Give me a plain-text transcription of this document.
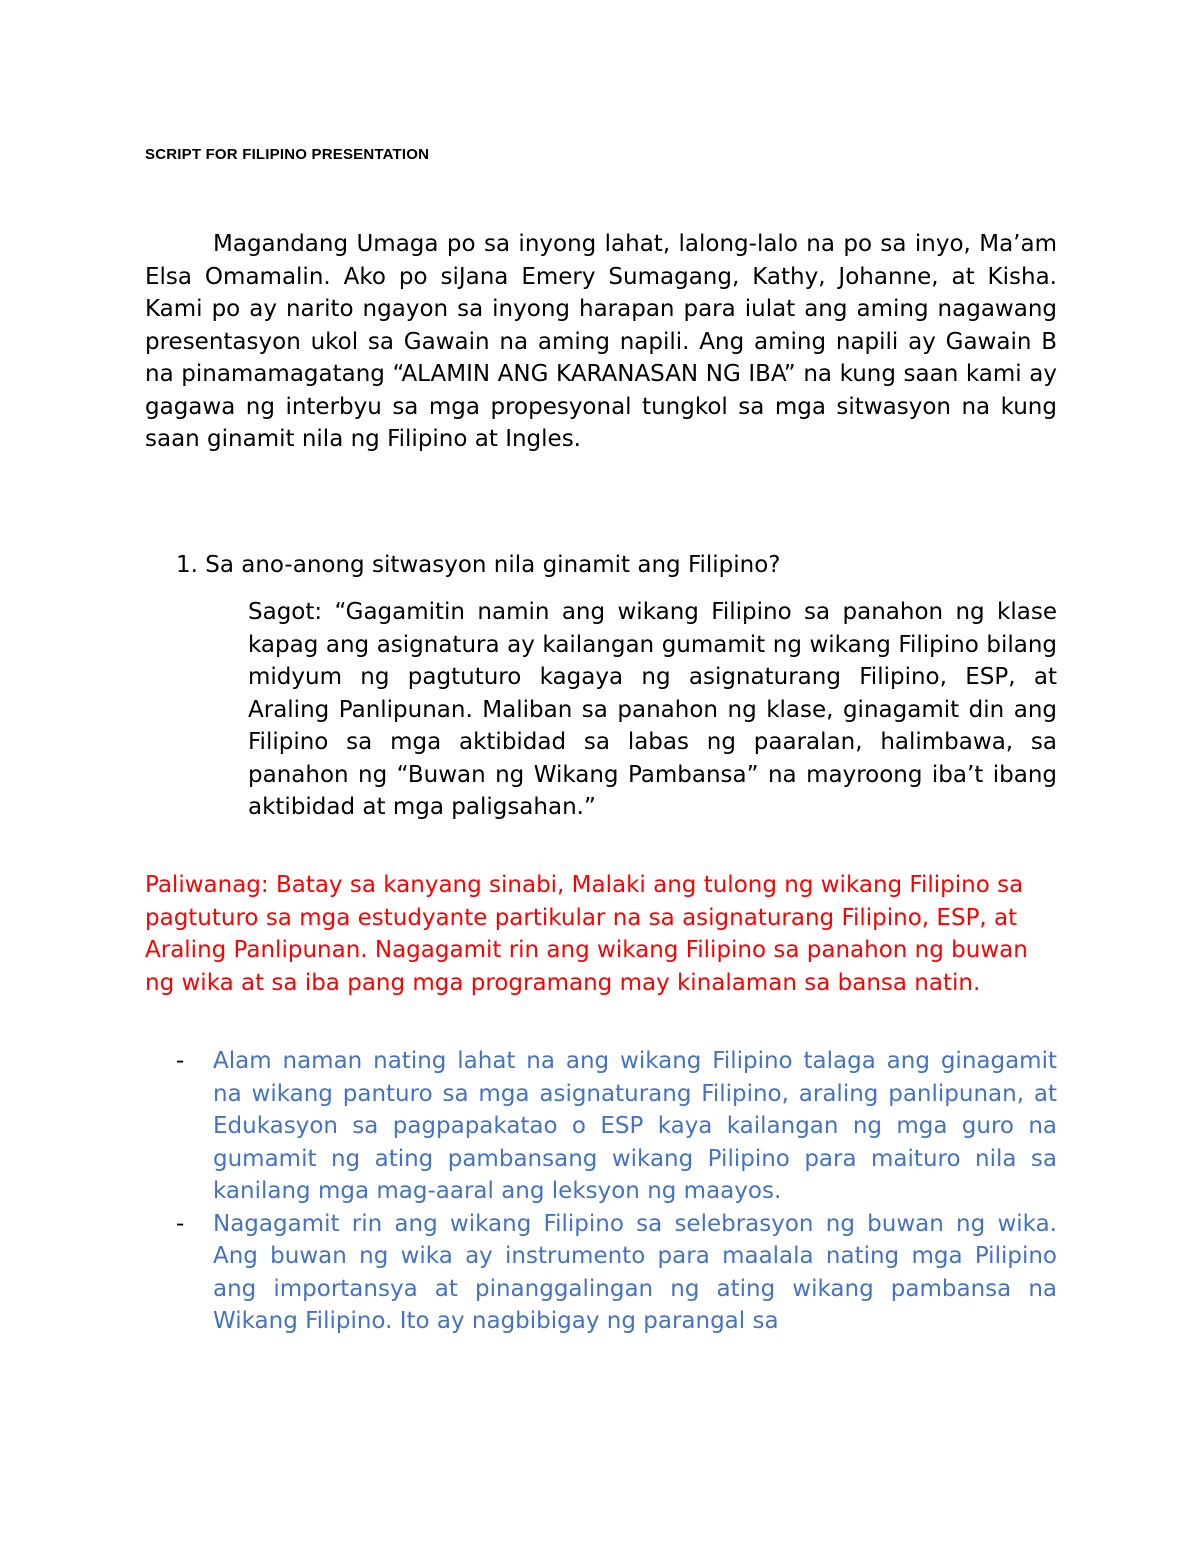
SCRIPT FOR FILIPINO PRESENTATION

Magandang Umaga po sa inyong lahat, lalong-lalo na po sa inyo, Ma’am Elsa Omamalin. Ako po siJana Emery Sumagang, Kathy, Johanne, at Kisha. Kami po ay narito ngayon sa inyong harapan para iulat ang aming nagawang presentasyon ukol sa Gawain na aming napili. Ang aming napili ay Gawain B na pinamamagatang “ALAMIN ANG KARANASAN NG IBA” na kung saan kami ay gagawa ng interbyu sa mga propesyonal tungkol sa mga sitwasyon na kung saan ginamit nila ng Filipino at Ingles.

1. Sa ano-anong sitwasyon nila ginamit ang Filipino?

Sagot: “Gagamitin namin ang wikang Filipino sa panahon ng klase kapag ang asignatura ay kailangan gumamit ng wikang Filipino bilang midyum ng pagtuturo kagaya ng asignaturang Filipino, ESP, at Araling Panlipunan. Maliban sa panahon ng klase, ginagamit din ang Filipino sa mga aktibidad sa labas ng paaralan, halimbawa, sa panahon ng “Buwan ng Wikang Pambansa” na mayroong iba’t ibang aktibidad at mga paligsahan.”

Paliwanag: Batay sa kanyang sinabi, Malaki ang tulong ng wikang Filipino sa pagtuturo sa mga estudyante partikular na sa asignaturang Filipino, ESP, at Araling Panlipunan. Nagagamit rin ang wikang Filipino sa panahon ng buwan ng wika at sa iba pang mga programang may kinalaman sa bansa natin.

- Alam naman nating lahat na ang wikang Filipino talaga ang ginagamit na wikang panturo sa mga asignaturang Filipino, araling panlipunan, at Edukasyon sa pagpapakatao o ESP kaya kailangan ng mga guro na gumamit ng ating pambansang wikang Pilipino para maituro nila sa kanilang mga mag-aaral ang leksyon ng maayos.
- Nagagamit rin ang wikang Filipino sa selebrasyon ng buwan ng wika. Ang buwan ng wika ay instrumento para maalala nating mga Pilipino ang importansya at pinanggalingan ng ating wikang pambansa na Wikang Filipino. Ito ay nagbibigay ng parangal sa
